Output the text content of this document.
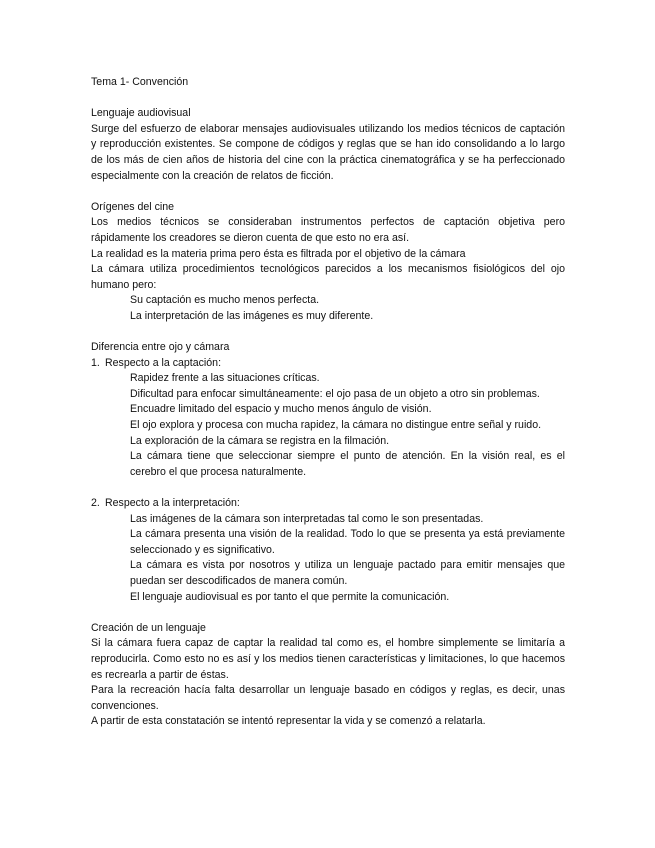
Tema 1- Convención

Lenguaje audiovisual

Surge del esfuerzo de elaborar mensajes audiovisuales utilizando los medios técnicos de captación y reproducción existentes. Se compone de códigos y reglas que se han ido consolidando a lo largo de los más de cien años de historia del cine con la práctica cinematográfica y se ha perfeccionado especialmente con la creación de relatos de ficción.

Orígenes del cine

Los medios técnicos se consideraban instrumentos perfectos de captación objetiva pero rápidamente los creadores se dieron cuenta de que esto no era así.

La realidad es la materia prima pero ésta es filtrada por el objetivo de la cámara

La cámara utiliza procedimientos tecnológicos parecidos a los mecanismos fisiológicos del ojo humano pero:

Su captación es mucho menos perfecta.

La interpretación de las imágenes es muy diferente.

Diferencia entre ojo y cámara

1. Respecto a la captación:

Rapidez frente a las situaciones críticas.

Dificultad para enfocar simultáneamente: el ojo pasa de un objeto a otro sin problemas.

Encuadre limitado del espacio y mucho menos ángulo de visión.

El ojo explora y procesa con mucha rapidez, la cámara no distingue entre señal y ruido.

La exploración de la cámara se registra en la filmación.

La cámara tiene que seleccionar siempre el punto de atención. En la visión real, es el cerebro el que procesa naturalmente.

2. Respecto a la interpretación:

Las imágenes de la cámara son interpretadas tal como le son presentadas.

La cámara presenta una visión de la realidad. Todo lo que se presenta ya está previamente seleccionado y es significativo.

La cámara es vista por nosotros y utiliza un lenguaje pactado para emitir mensajes que puedan ser descodificados de manera común.

El lenguaje audiovisual es por tanto el que permite la comunicación.

Creación de un lenguaje

Si la cámara fuera capaz de captar la realidad tal como es, el hombre simplemente se limitaría a reproducirla. Como esto no es así y los medios tienen características y limitaciones, lo que hacemos es recrearla a partir de éstas.

Para la recreación hacía falta desarrollar un lenguaje basado en códigos y reglas, es decir, unas convenciones.

A partir de esta constatación se intentó representar la vida y se comenzó a relatarla.
